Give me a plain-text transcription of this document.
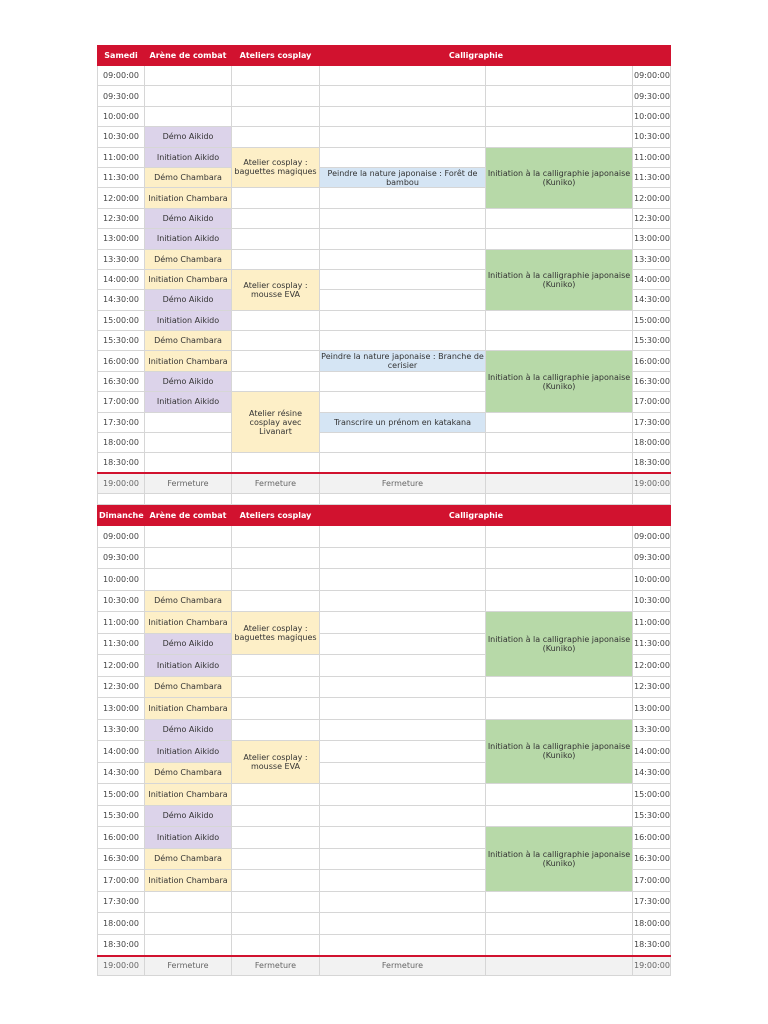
Samedi	Arène de combat	Ateliers cosplay	Calligraphie		
09:00:00					09:00:00
09:30:00					09:30:00
10:00:00					10:00:00
10:30:00	Démo Aikido				10:30:00
11:00:00	Initiation Aikido	Atelier cosplay : baguettes magiques		Initiation à la calligraphie japonaise (Kuniko)	11:00:00
11:30:00	Démo Chambara		Peindre la nature japonaise : Forêt de bambou		11:30:00
12:00:00	Initiation Chambara				12:00:00
12:30:00	Démo Aikido				12:30:00
13:00:00	Initiation Aikido				13:00:00
13:30:00	Démo Chambara			Initiation à la calligraphie japonaise (Kuniko)	13:30:00
14:00:00	Initiation Chambara	Atelier cosplay : mousse EVA			14:00:00
14:30:00	Démo Aikido				14:30:00
15:00:00	Initiation Aikido				15:00:00
15:30:00	Démo Chambara				15:30:00
16:00:00	Initiation Chambara		Peindre la nature japonaise : Branche de cerisier	Initiation à la calligraphie japonaise (Kuniko)	16:00:00
16:30:00	Démo Aikido				16:30:00
17:00:00	Initiation Aikido	Atelier résine cosplay avec Livanart			17:00:00
17:30:00			Transcrire un prénom en katakana		17:30:00
18:00:00					18:00:00
18:30:00					18:30:00
19:00:00	Fermeture	Fermeture	Fermeture		19:00:00

Dimanche	Arène de combat	Ateliers cosplay	Calligraphie		
09:00:00					09:00:00
09:30:00					09:30:00
10:00:00					10:00:00
10:30:00	Démo Chambara				10:30:00
11:00:00	Initiation Chambara	Atelier cosplay : baguettes magiques		Initiation à la calligraphie japonaise (Kuniko)	11:00:00
11:30:00	Démo Aikido				11:30:00
12:00:00	Initiation Aikido				12:00:00
12:30:00	Démo Chambara				12:30:00
13:00:00	Initiation Chambara				13:00:00
13:30:00	Démo Aikido			Initiation à la calligraphie japonaise (Kuniko)	13:30:00
14:00:00	Initiation Aikido	Atelier cosplay : mousse EVA			14:00:00
14:30:00	Démo Chambara				14:30:00
15:00:00	Initiation Chambara				15:00:00
15:30:00	Démo Aikido				15:30:00
16:00:00	Initiation Aikido			Initiation à la calligraphie japonaise (Kuniko)	16:00:00
16:30:00	Démo Chambara				16:30:00
17:00:00	Initiation Chambara				17:00:00
17:30:00					17:30:00
18:00:00					18:00:00
18:30:00					18:30:00
19:00:00	Fermeture	Fermeture	Fermeture		19:00:00
